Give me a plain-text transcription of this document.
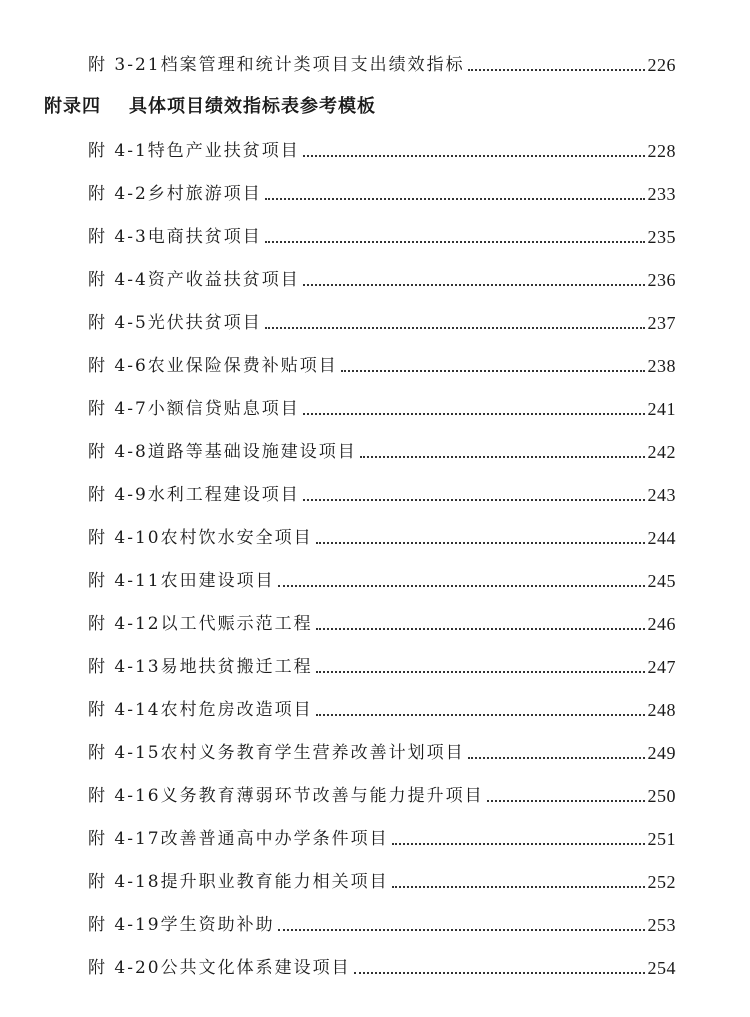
附 3-21 档案管理和统计类项目支出绩效指标	226
附录四 具体项目绩效指标表参考模板
附 4-1 特色产业扶贫项目	228
附 4-2 乡村旅游项目	233
附 4-3 电商扶贫项目	235
附 4-4 资产收益扶贫项目	236
附 4-5 光伏扶贫项目	237
附 4-6 农业保险保费补贴项目	238
附 4-7 小额信贷贴息项目	241
附 4-8 道路等基础设施建设项目	242
附 4-9 水利工程建设项目	243
附 4-10 农村饮水安全项目	244
附 4-11 农田建设项目	245
附 4-12 以工代赈示范工程	246
附 4-13 易地扶贫搬迁工程	247
附 4-14 农村危房改造项目	248
附 4-15 农村义务教育学生营养改善计划项目	249
附 4-16 义务教育薄弱环节改善与能力提升项目	250
附 4-17 改善普通高中办学条件项目	251
附 4-18 提升职业教育能力相关项目	252
附 4-19 学生资助补助	253
附 4-20 公共文化体系建设项目	254
